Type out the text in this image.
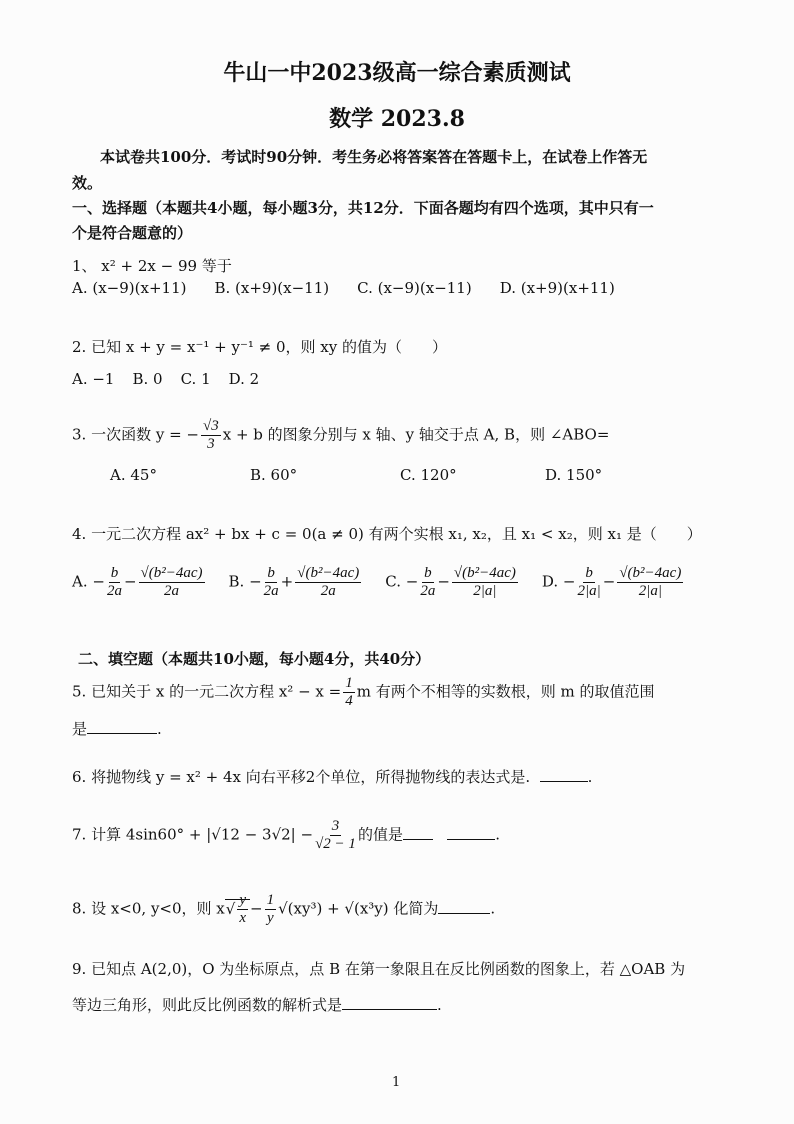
牛山一中2023级高一综合素质测试
数学 2023.8
本试卷共100分．考试时90分钟．考生务必将答案答在答题卡上，在试卷上作答无
效。
一、选择题（本题共4小题，每小题3分，共12分．下面各题均有四个选项，其中只有一
个是符合题意的）
1、 x² + 2x − 99 等于
A. (x−9)(x+11) B. (x+9)(x−11) C. (x−9)(x−11) D. (x+9)(x+11)
2. 已知 x + y = x⁻¹ + y⁻¹ ≠ 0，则 xy 的值为（　　）
A. −1 B. 0 C. 1 D. 2
3. 一次函数 y = − $\frac{√3}{3}$ x + b 的图象分别与 x 轴、y 轴交于点 A, B，则 ∠ABO=
A. 45°	B. 60°	C. 120°	D. 150°
4. 一元二次方程 ax² + bx + c = 0(a ≠ 0) 有两个实根 x₁, x₂，且 x₁ < x₂，则 x₁ 是（　　）
A. − $\frac{b}{2a} - \frac{\text{√(b²−4ac)}}{2a} B$. − $\frac{b}{2a} + \frac{\text{√(b²−4ac)}}{2a} C$. − $\frac{b}{2a} - \frac{\text{√(b²−4ac)}}{2|a|} D$. − $\frac{b}{2|a|} - \frac{\text{√(b²−4ac)}}{2|a|}$
二、填空题（本题共10小题，每小题4分，共40分）
5. 已知关于 x 的一元二次方程 $x^2 - x = \frac{1}{4}$ m 有两个不相等的实数根，则 m 的取值范围
是	.
6. 将抛物线 y = x² + 4x 向右平移2个单位，所得抛物线的表达式是.	.
7. 计算 $4\sin 60^\circ + |√12 - 3√2| - \frac{3}{√2 - 1}$ 的值是	.
8. 设 x<0, y<0，则 $x√ \frac{y}{x} - \frac{1}{y} √(xy^3) + √(x^3y)$ 化简为	.
9. 已知点 A(2,0)，O 为坐标原点，点 B 在第一象限且在反比例函数的图象上，若 △OAB 为
等边三角形，则此反比例函数的解析式是	.
1
